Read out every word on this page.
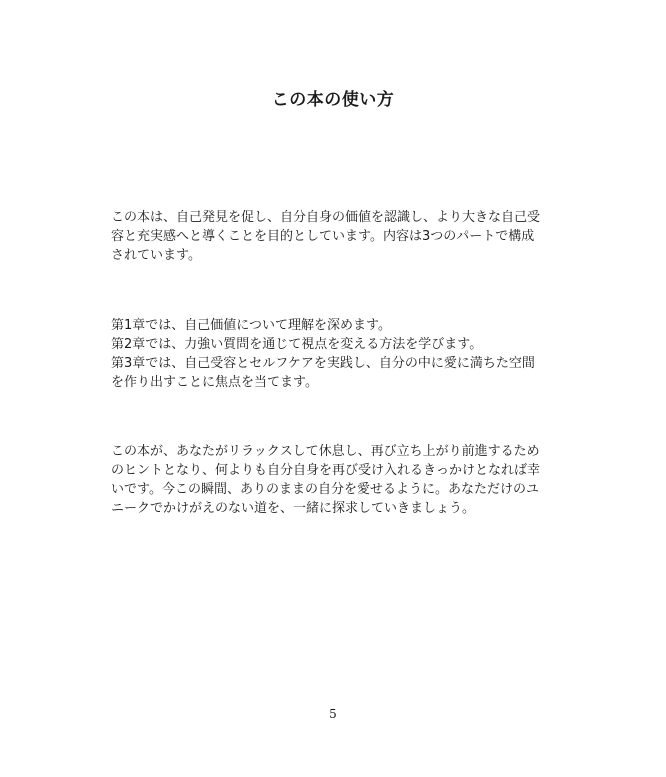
この本の使い方
この本は、自己発見を促し、自分自身の価値を認識し、より大きな自己受
容と充実感へと導くことを目的としています。内容は3つのパートで構成
されています。
第1章では、自己価値について理解を深めます。
第2章では、力強い質問を通じて視点を変える方法を学びます。
第3章では、自己受容とセルフケアを実践し、自分の中に愛に満ちた空間
を作り出すことに焦点を当てます。
この本が、あなたがリラックスして休息し、再び立ち上がり前進するため
のヒントとなり、何よりも自分自身を再び受け入れるきっかけとなれば幸
いです。今この瞬間、ありのままの自分を愛せるように。あなただけのユ
ニークでかけがえのない道を、一緒に探求していきましょう。
5
